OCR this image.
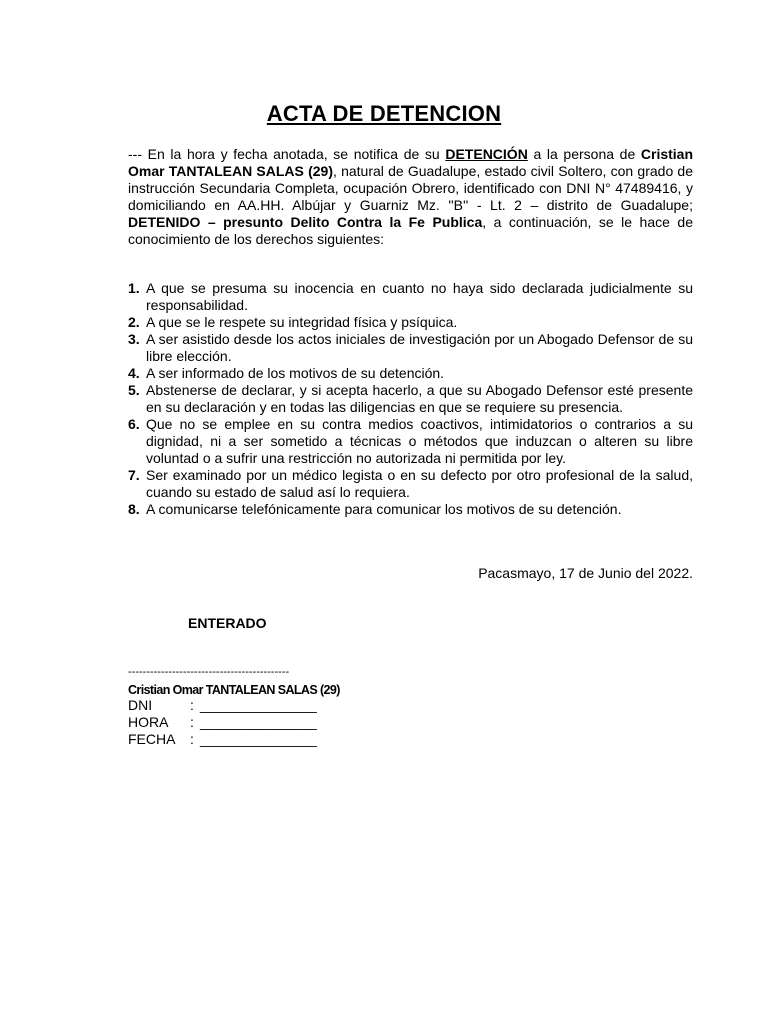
ACTA DE DETENCION
--- En la hora y fecha anotada, se notifica de su DETENCIÓN a la persona de Cristian Omar TANTALEAN SALAS (29), natural de Guadalupe, estado civil Soltero, con grado de instrucción Secundaria Completa, ocupación Obrero, identificado con DNI N° 47489416, y domiciliando en AA.HH. Albújar y Guarniz Mz. ''B'' - Lt. 2 – distrito de Guadalupe; DETENIDO – presunto Delito Contra la Fe Publica, a continuación, se le hace de conocimiento de los derechos siguientes:
1. A que se presuma su inocencia en cuanto no haya sido declarada judicialmente su responsabilidad.
2. A que se le respete su integridad física y psíquica.
3. A ser asistido desde los actos iniciales de investigación por un Abogado Defensor de su libre elección.
4. A ser informado de los motivos de su detención.
5. Abstenerse de declarar, y si acepta hacerlo, a que su Abogado Defensor esté presente en su declaración y en todas las diligencias en que se requiere su presencia.
6. Que no se emplee en su contra medios coactivos, intimidatorios o contrarios a su dignidad, ni a ser sometido a técnicas o métodos que induzcan o alteren su libre voluntad o a sufrir una restricción no autorizada ni permitida por ley.
7. Ser examinado por un médico legista o en su defecto por otro profesional de la salud, cuando su estado de salud así lo requiera.
8. A comunicarse telefónicamente para comunicar los motivos de su detención.
Pacasmayo, 17 de Junio del 2022.
ENTERADO
--------------------------------------------
Cristian Omar TANTALEAN SALAS (29)
DNI	: _______________
HORA	: _______________
FECHA	: _______________
